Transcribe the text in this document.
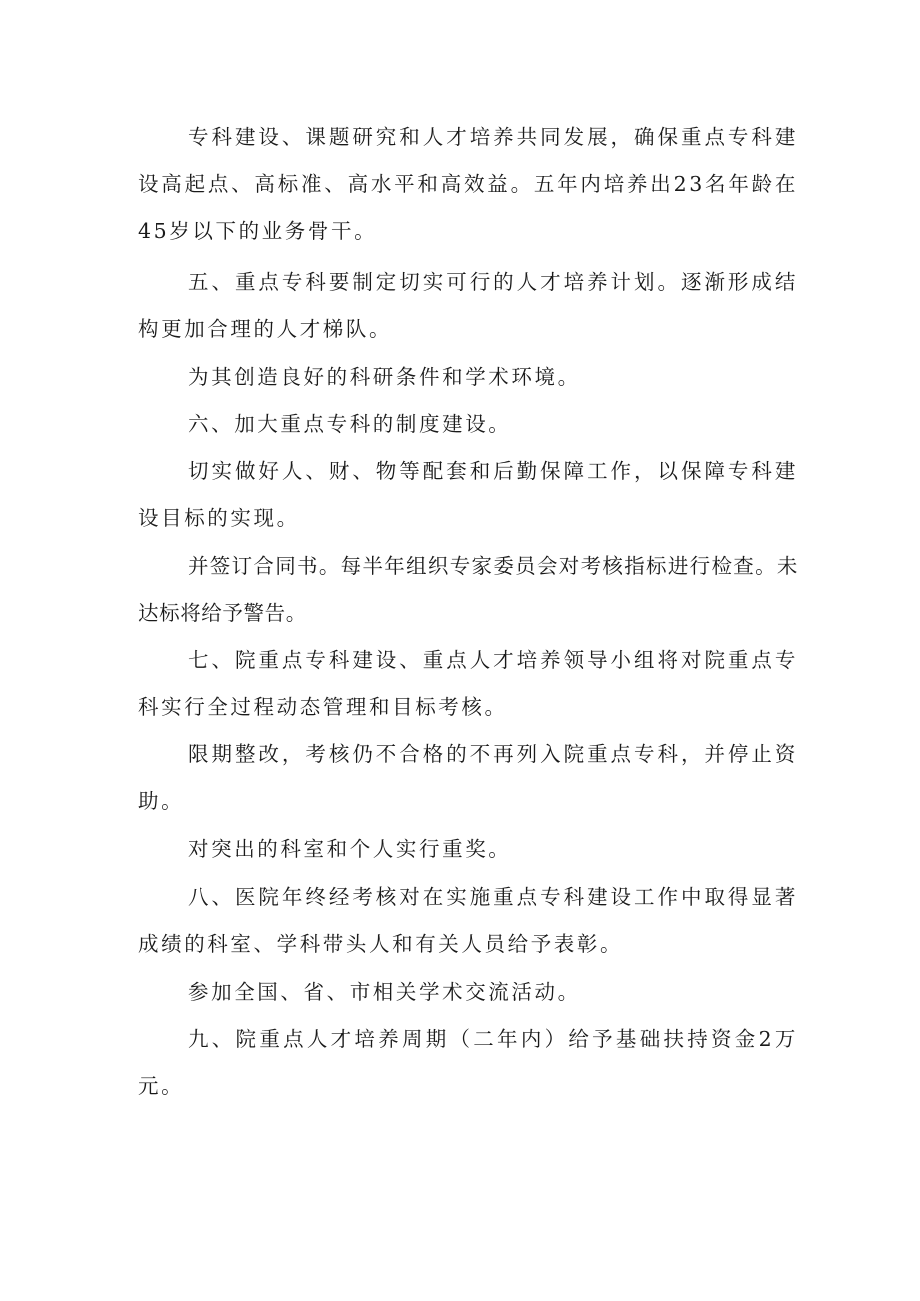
专科建设、课题研究和人才培养共同发展，确保重点专科建设高起点、高标准、高水平和高效益。五年内培养出23名年龄在45岁以下的业务骨干。

五、重点专科要制定切实可行的人才培养计划。逐渐形成结构更加合理的人才梯队。

为其创造良好的科研条件和学术环境。

六、加大重点专科的制度建设。

切实做好人、财、物等配套和后勤保障工作，以保障专科建设目标的实现。

并签订合同书。每半年组织专家委员会对考核指标进行检查。未达标将给予警告。

七、院重点专科建设、重点人才培养领导小组将对院重点专科实行全过程动态管理和目标考核。

限期整改，考核仍不合格的不再列入院重点专科，并停止资助。

对突出的科室和个人实行重奖。

八、医院年终经考核对在实施重点专科建设工作中取得显著成绩的科室、学科带头人和有关人员给予表彰。

参加全国、省、市相关学术交流活动。

九、院重点人才培养周期（二年内）给予基础扶持资金2万元。
